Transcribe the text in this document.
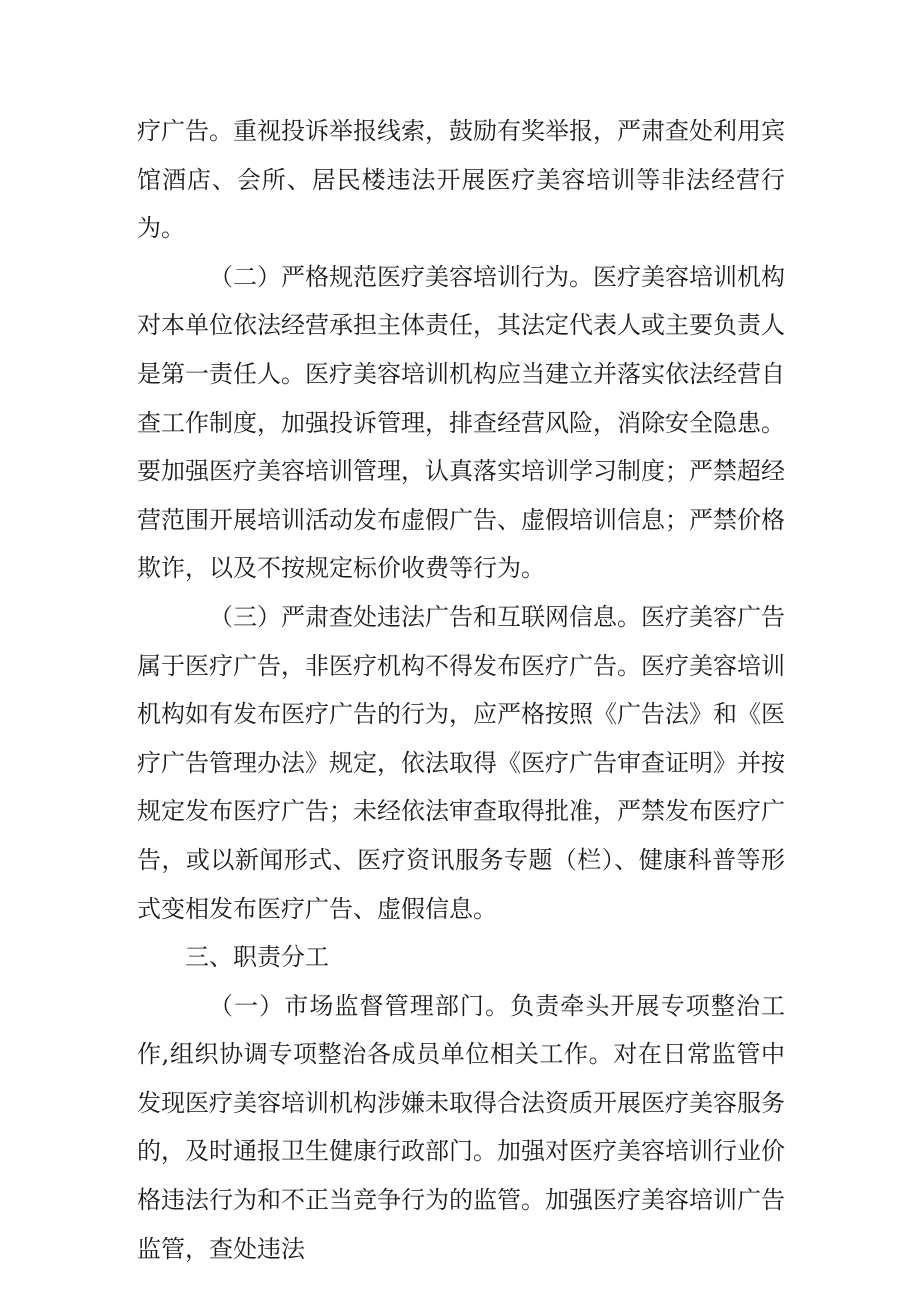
疗广告。重视投诉举报线索，鼓励有奖举报，严肃查处利用宾馆酒店、会所、居民楼违法开展医疗美容培训等非法经营行为。

（二）严格规范医疗美容培训行为。医疗美容培训机构对本单位依法经营承担主体责任，其法定代表人或主要负责人是第一责任人。医疗美容培训机构应当建立并落实依法经营自查工作制度，加强投诉管理，排查经营风险，消除安全隐患。要加强医疗美容培训管理，认真落实培训学习制度；严禁超经营范围开展培训活动发布虚假广告、虚假培训信息；严禁价格欺诈，以及不按规定标价收费等行为。

（三）严肃查处违法广告和互联网信息。医疗美容广告属于医疗广告，非医疗机构不得发布医疗广告。医疗美容培训机构如有发布医疗广告的行为，应严格按照《广告法》和《医疗广告管理办法》规定，依法取得《医疗广告审查证明》并按规定发布医疗广告；未经依法审查取得批准，严禁发布医疗广告，或以新闻形式、医疗资讯服务专题（栏）、健康科普等形式变相发布医疗广告、虚假信息。

三、职责分工

（一）市场监督管理部门。负责牵头开展专项整治工作,组织协调专项整治各成员单位相关工作。对在日常监管中发现医疗美容培训机构涉嫌未取得合法资质开展医疗美容服务的，及时通报卫生健康行政部门。加强对医疗美容培训行业价格违法行为和不正当竞争行为的监管。加强医疗美容培训广告监管，查处违法
